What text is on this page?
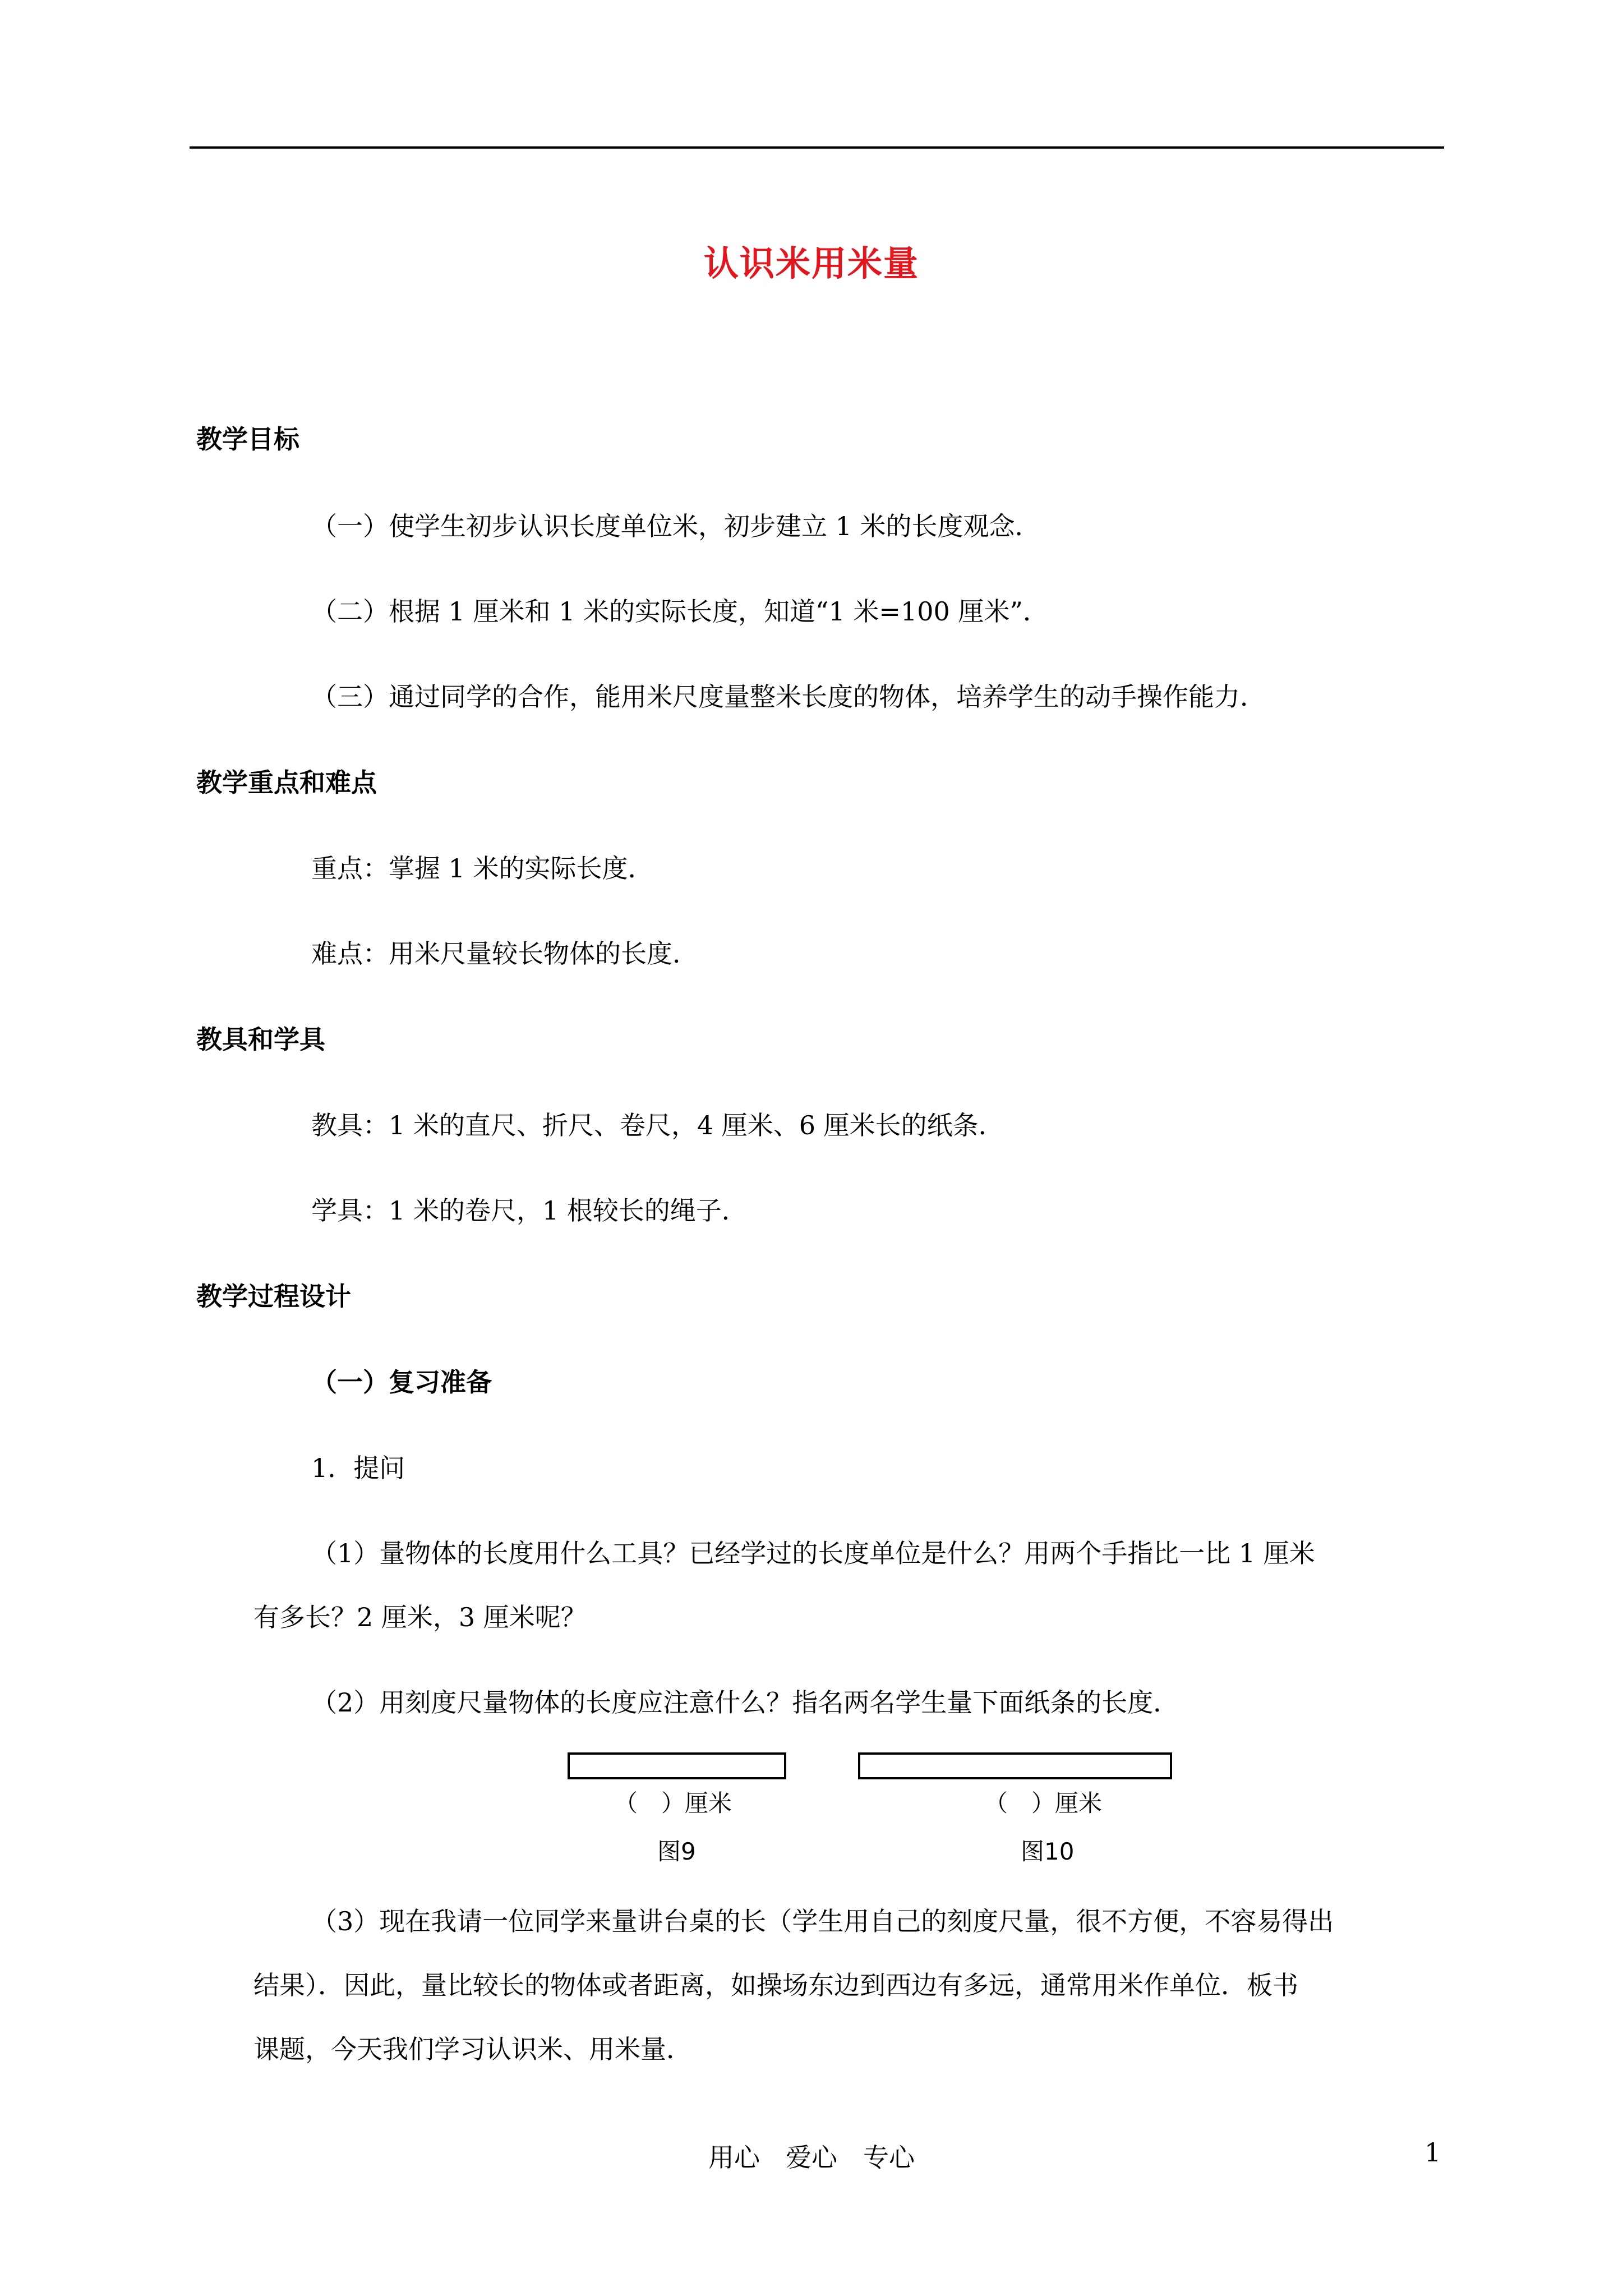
认识米用米量
教学目标
（一）使学生初步认识长度单位米，初步建立 1 米的长度观念．
（二）根据 1 厘米和 1 米的实际长度，知道“1 米=100 厘米”．
（三）通过同学的合作，能用米尺度量整米长度的物体，培养学生的动手操作能力．
教学重点和难点
重点：掌握 1 米的实际长度．
难点：用米尺量较长物体的长度．
教具和学具
教具：1 米的直尺、折尺、卷尺，4 厘米、6 厘米长的纸条．
学具：1 米的卷尺，1 根较长的绳子．
教学过程设计
（一）复习准备
1．提问
（1）量物体的长度用什么工具？已经学过的长度单位是什么？用两个手指比一比 1 厘米
有多长？2 厘米，3 厘米呢？
（2）用刻度尺量物体的长度应注意什么？指名两名学生量下面纸条的长度．
（　）厘米
图9
（　）厘米
图10
（3）现在我请一位同学来量讲台桌的长（学生用自己的刻度尺量，很不方便，不容易得出
结果）．因此，量比较长的物体或者距离，如操场东边到西边有多远，通常用米作单位．板书
课题，今天我们学习认识米、用米量．
用心　爱心　专心	1
